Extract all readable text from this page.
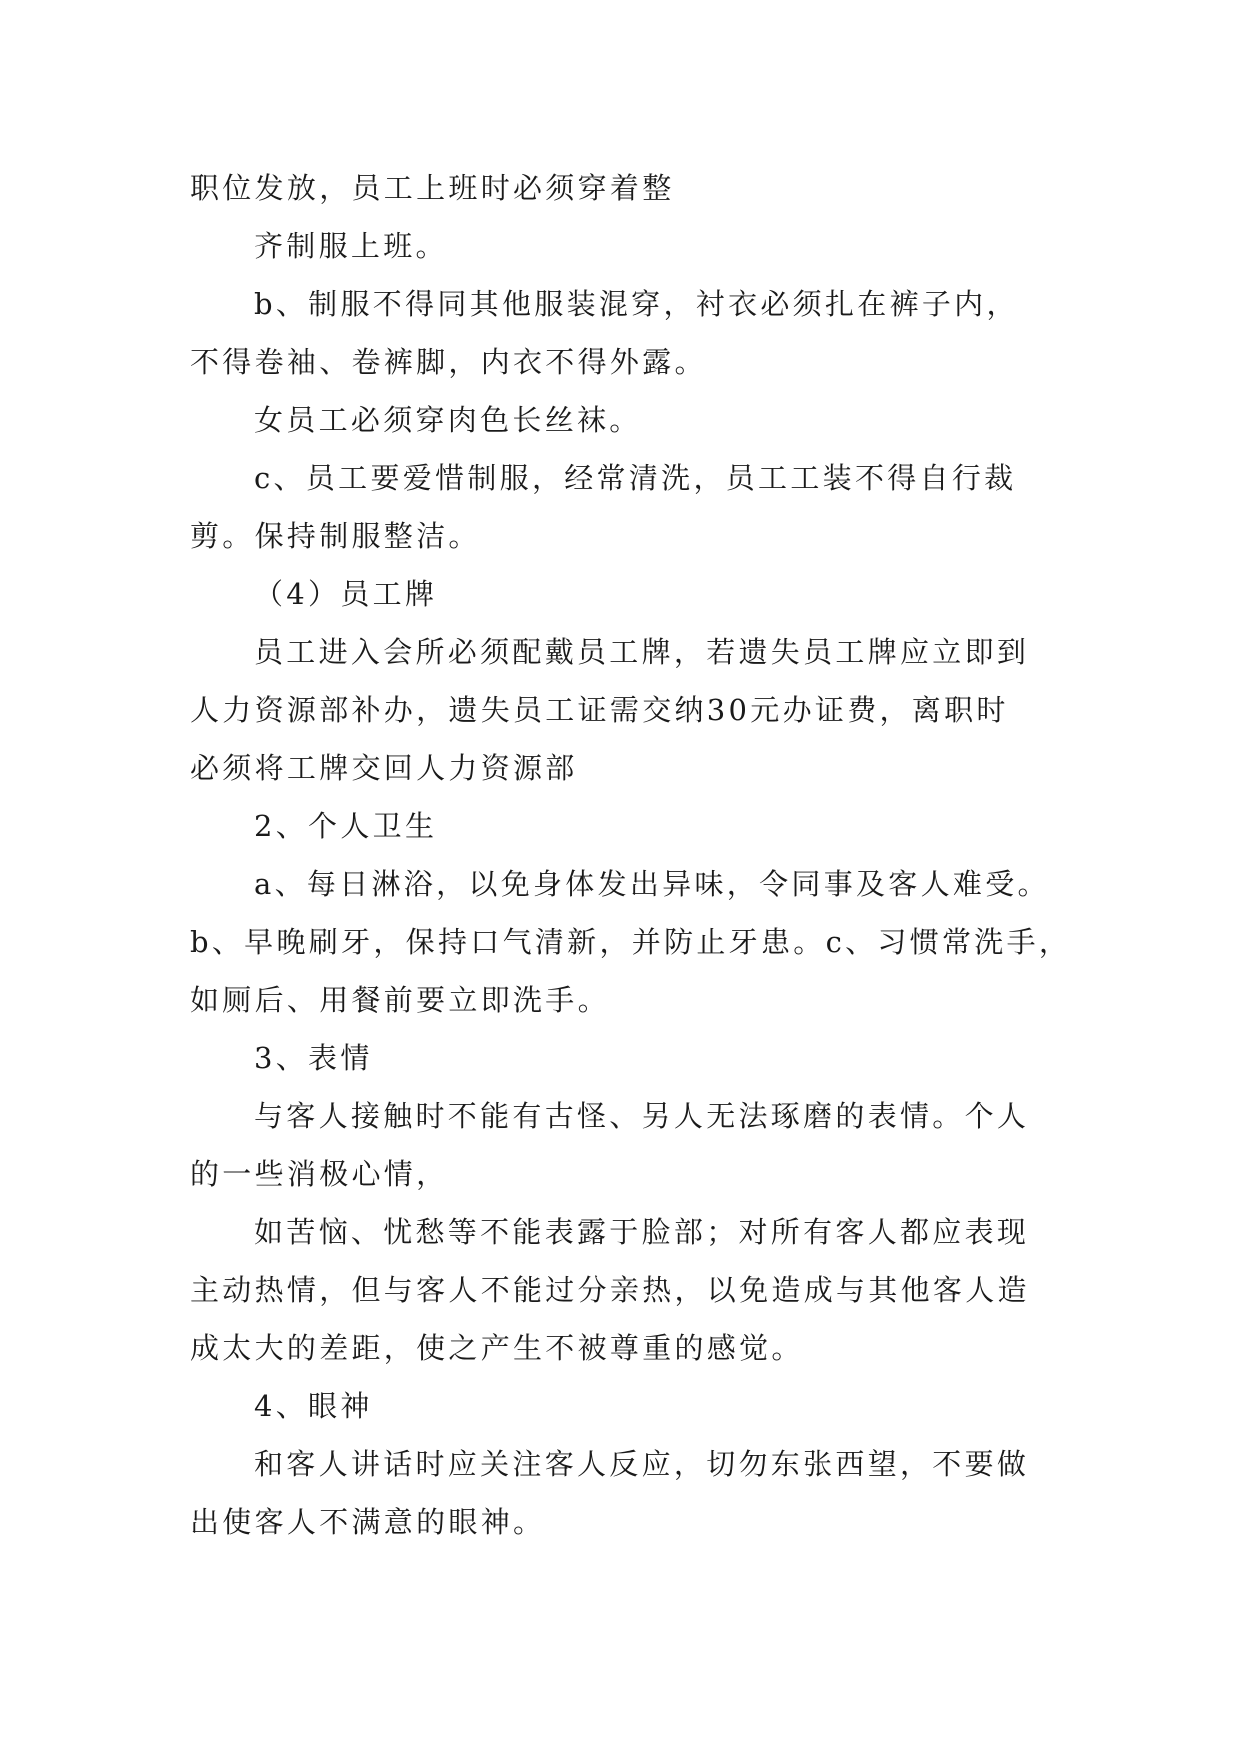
职位发放，员工上班时必须穿着整

齐制服上班。

b、制服不得同其他服装混穿，衬衣必须扎在裤子内，

不得卷袖、卷裤脚，内衣不得外露。

女员工必须穿肉色长丝袜。

c、员工要爱惜制服，经常清洗，员工工装不得自行裁

剪。保持制服整洁。

（4）员工牌

员工进入会所必须配戴员工牌，若遗失员工牌应立即到

人力资源部补办，遗失员工证需交纳30元办证费，离职时

必须将工牌交回人力资源部

2、个人卫生

a、每日淋浴，以免身体发出异味，令同事及客人难受。

b、早晚刷牙，保持口气清新，并防止牙患。c、习惯常洗手，

如厕后、用餐前要立即洗手。

3、表情

与客人接触时不能有古怪、另人无法琢磨的表情。个人

的一些消极心情，

如苦恼、忧愁等不能表露于脸部；对所有客人都应表现

主动热情，但与客人不能过分亲热，以免造成与其他客人造

成太大的差距，使之产生不被尊重的感觉。

4、眼神

和客人讲话时应关注客人反应，切勿东张西望，不要做

出使客人不满意的眼神。
